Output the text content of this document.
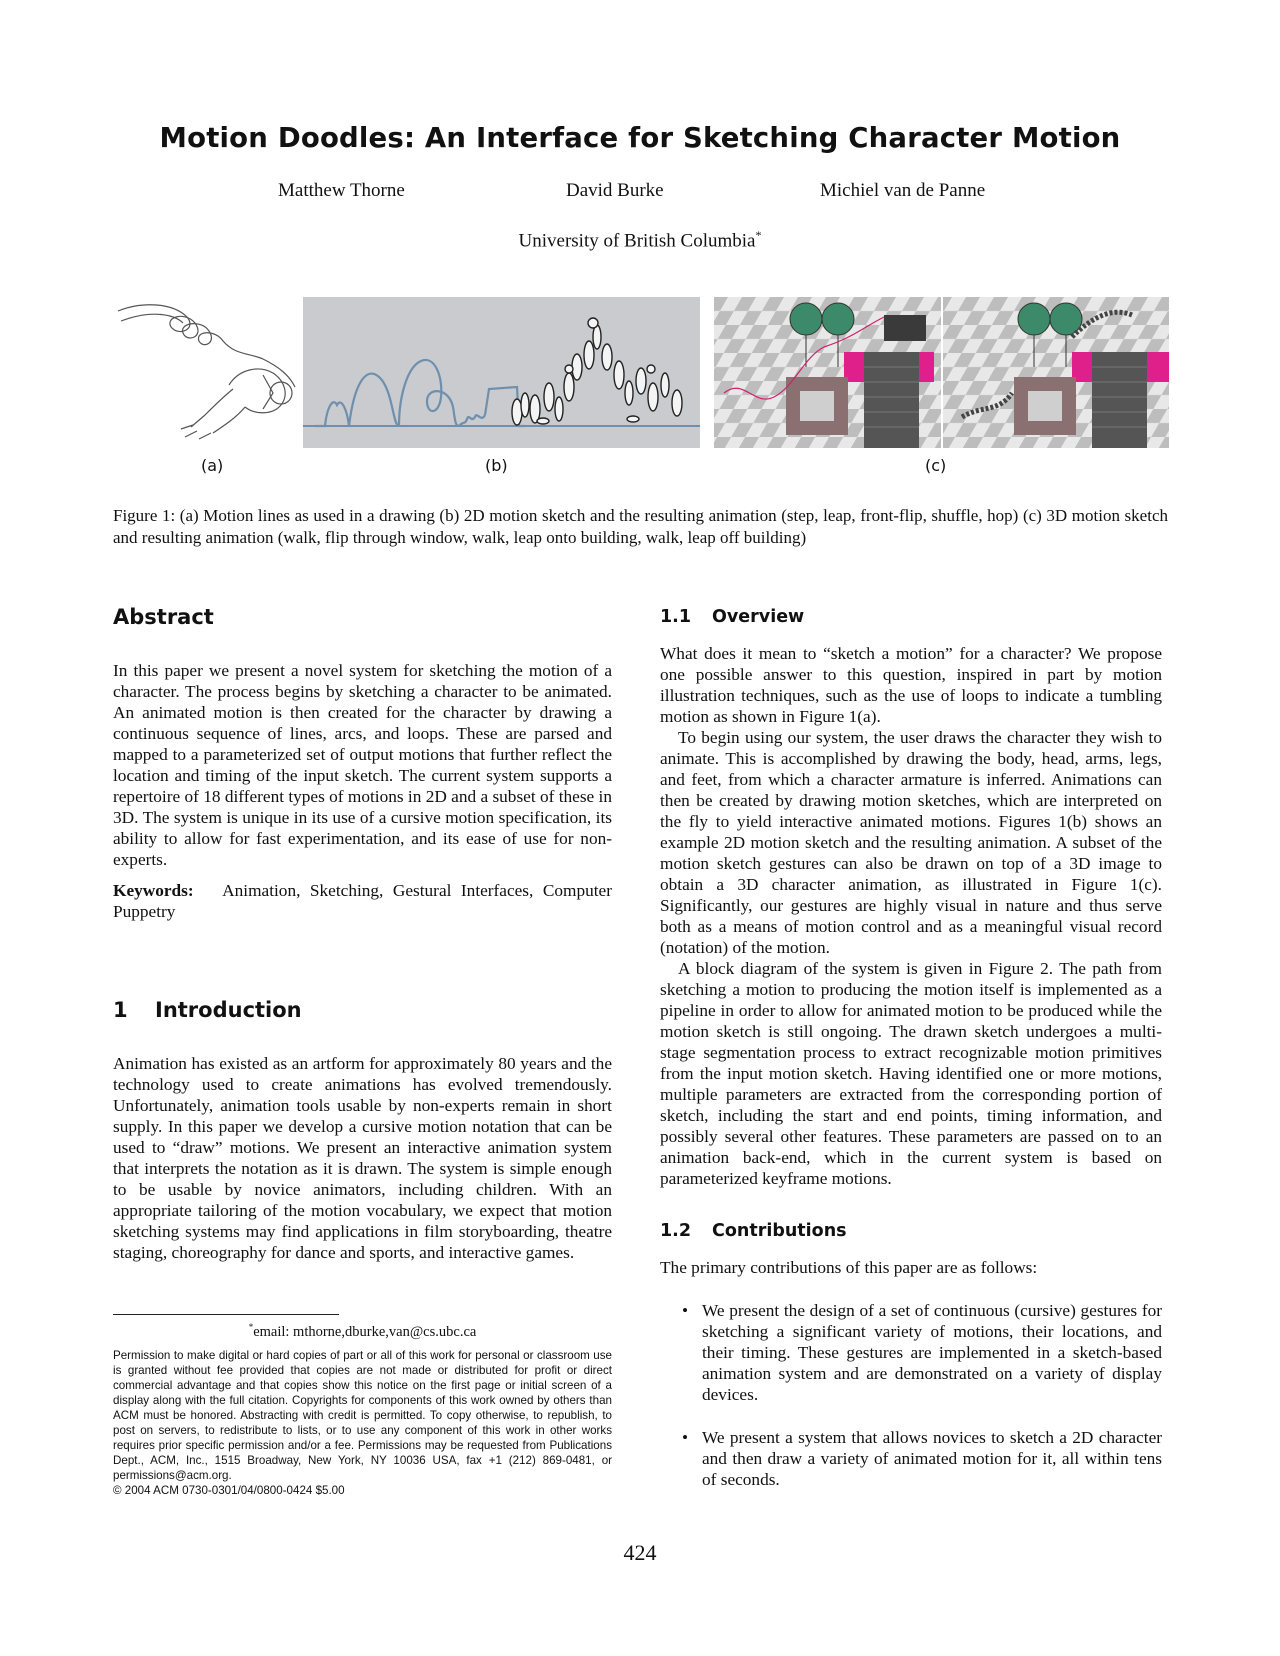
Motion Doodles: An Interface for Sketching Character Motion
Matthew Thorne	David Burke	Michiel van de Panne
University of British Columbia*
(a)	(b)	(c)
Figure 1: (a) Motion lines as used in a drawing (b) 2D motion sketch and the resulting animation (step, leap, front-flip, shuffle, hop) (c) 3D motion sketch and resulting animation (walk, flip through window, walk, leap onto building, walk, leap off building)
Abstract

In this paper we present a novel system for sketching the motion of a character. The process begins by sketching a character to be animated. An animated motion is then created for the character by drawing a continuous sequence of lines, arcs, and loops. These are parsed and mapped to a parameterized set of output motions that further reflect the location and timing of the input sketch. The current system supports a repertoire of 18 different types of motions in 2D and a subset of these in 3D. The system is unique in its use of a cursive motion specification, its ability to allow for fast experimentation, and its ease of use for non-experts.

Keywords: Animation, Sketching, Gestural Interfaces, Computer Puppetry

1 Introduction

Animation has existed as an artform for approximately 80 years and the technology used to create animations has evolved tremendously. Unfortunately, animation tools usable by non-experts remain in short supply. In this paper we develop a cursive motion notation that can be used to “draw” motions. We present an interactive animation system that interprets the notation as it is drawn. The system is simple enough to be usable by novice animators, including children. With an appropriate tailoring of the motion vocabulary, we expect that motion sketching systems may find applications in film storyboarding, theatre staging, choreography for dance and sports, and interactive games.

*email: mthorne,dburke,van@cs.ubc.ca
Permission to make digital or hard copies of part or all of this work for personal or classroom use is granted without fee provided that copies are not made or distributed for profit or direct commercial advantage and that copies show this notice on the first page or initial screen of a display along with the full citation. Copyrights for components of this work owned by others than ACM must be honored. Abstracting with credit is permitted. To copy otherwise, to republish, to post on servers, to redistribute to lists, or to use any component of this work in other works requires prior specific permission and/or a fee. Permissions may be requested from Publications Dept., ACM, Inc., 1515 Broadway, New York, NY 10036 USA, fax +1 (212) 869-0481, or permissions@acm.org.
© 2004 ACM 0730-0301/04/0800-0424 $5.00
1.1 Overview

What does it mean to “sketch a motion” for a character? We propose one possible answer to this question, inspired in part by motion illustration techniques, such as the use of loops to indicate a tumbling motion as shown in Figure 1(a).

To begin using our system, the user draws the character they wish to animate. This is accomplished by drawing the body, head, arms, legs, and feet, from which a character armature is inferred. Animations can then be created by drawing motion sketches, which are interpreted on the fly to yield interactive animated motions. Figures 1(b) shows an example 2D motion sketch and the resulting animation. A subset of the motion sketch gestures can also be drawn on top of a 3D image to obtain a 3D character animation, as illustrated in Figure 1(c). Significantly, our gestures are highly visual in nature and thus serve both as a means of motion control and as a meaningful visual record (notation) of the motion.

A block diagram of the system is given in Figure 2. The path from sketching a motion to producing the motion itself is implemented as a pipeline in order to allow for animated motion to be produced while the motion sketch is still ongoing. The drawn sketch undergoes a multi-stage segmentation process to extract recognizable motion primitives from the input motion sketch. Having identified one or more motions, multiple parameters are extracted from the corresponding portion of sketch, including the start and end points, timing information, and possibly several other features. These parameters are passed on to an animation back-end, which in the current system is based on parameterized keyframe motions.

1.2 Contributions

The primary contributions of this paper are as follows:

• We present the design of a set of continuous (cursive) gestures for sketching a significant variety of motions, their locations, and their timing. These gestures are implemented in a sketch-based animation system and are demonstrated on a variety of display devices.
• We present a system that allows novices to sketch a 2D character and then draw a variety of animated motion for it, all within tens of seconds.
424
